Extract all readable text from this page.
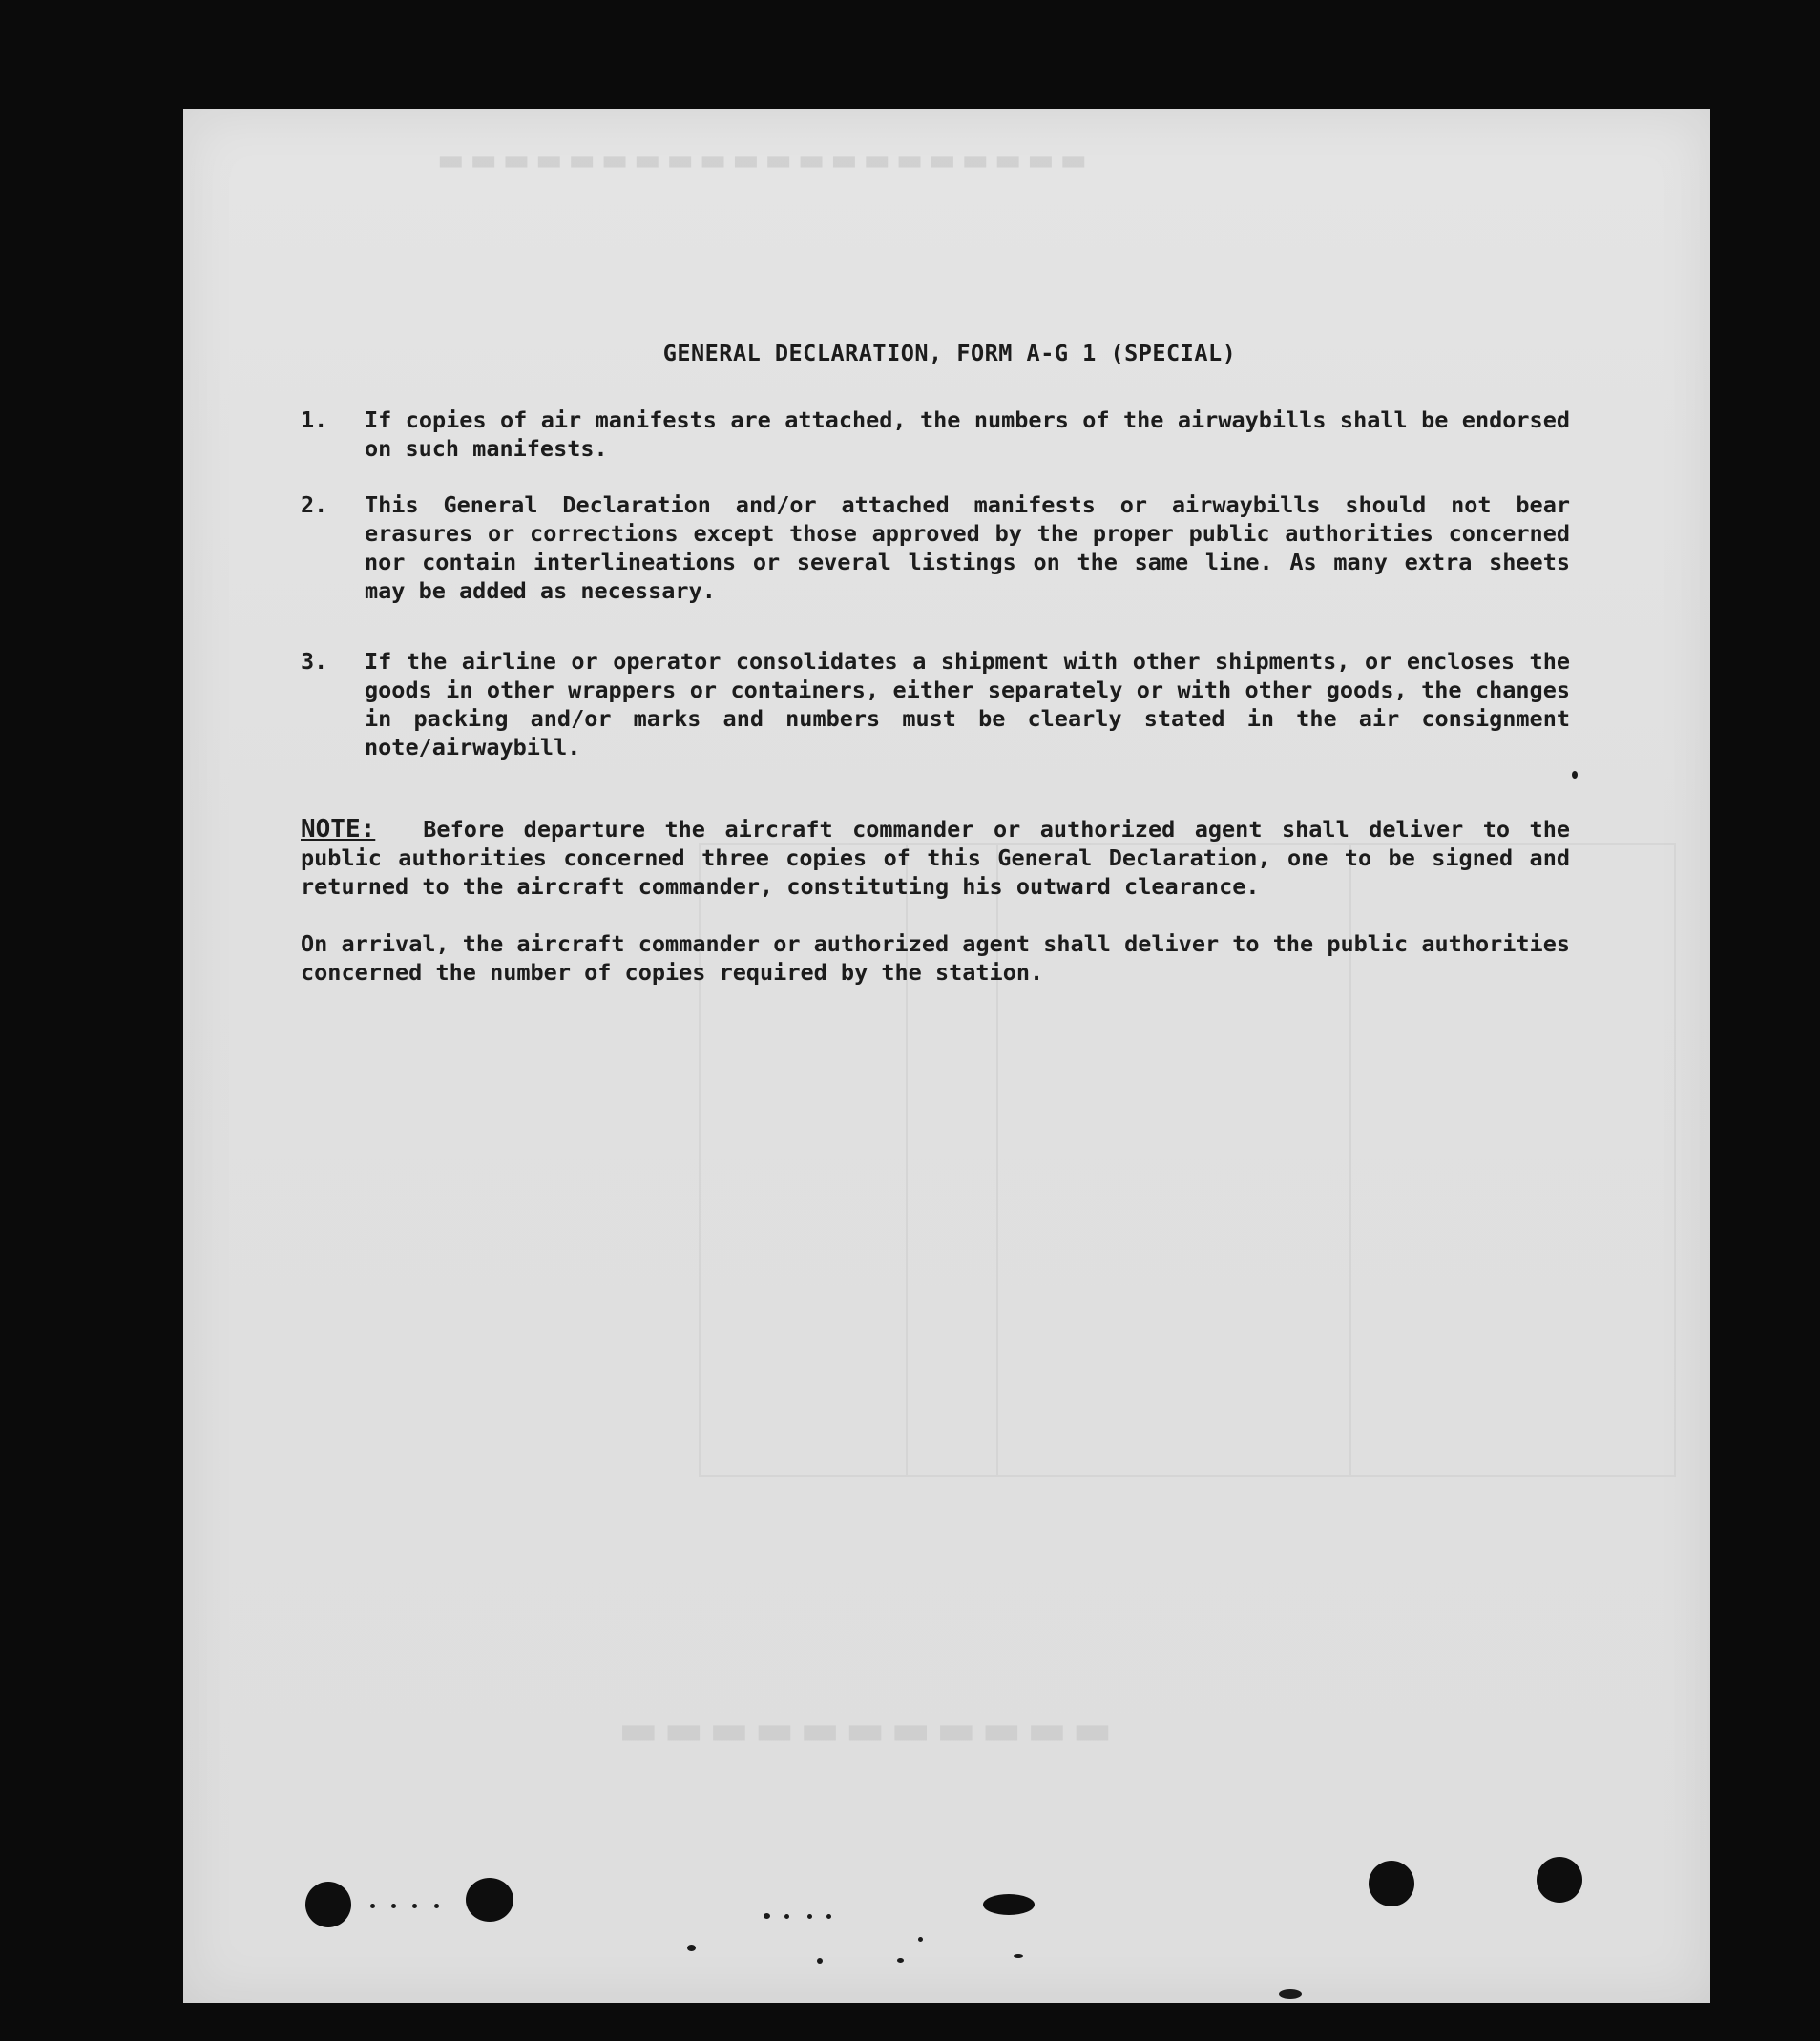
▬▬▬▬▬▬▬▬▬▬▬▬▬▬▬▬▬▬▬▬
▬▬▬▬▬▬▬▬▬▬▬
GENERAL DECLARATION, FORM A-G 1 (SPECIAL)
1.	If copies of air manifests are attached, the numbers of the airwaybills shall be endorsed on such manifests.
2.	This General Declaration and/or attached manifests or airwaybills should not bear erasures or corrections except those approved by the proper public authorities concerned nor contain interlineations or several listings on the same line. As many extra sheets may be added as necessary.
3.	If the airline or operator consolidates a shipment with other shipments, or encloses the goods in other wrappers or containers, either separately or with other goods, the changes in packing and/or marks and numbers must be clearly stated in the air consignment note/airwaybill.
NOTE: Before departure the aircraft commander or authorized agent shall deliver to the public authorities concerned three copies of this General Declaration, one to be signed and returned to the aircraft commander, constituting his outward clearance.
On arrival, the aircraft commander or authorized agent shall deliver to the public authorities concerned the number of copies required by the station.
